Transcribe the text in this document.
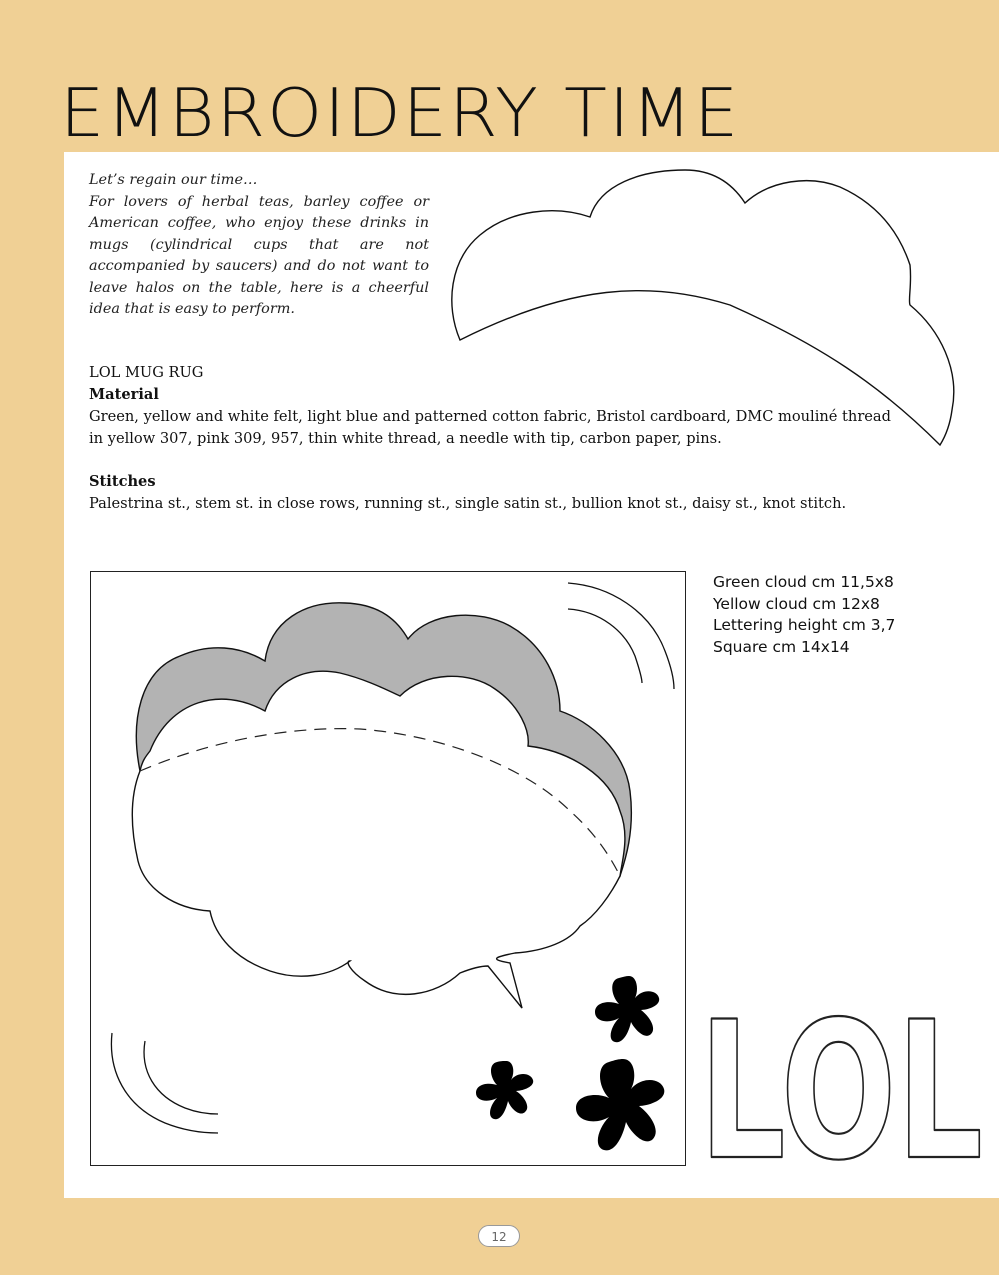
EMBROIDERY TIME

Let’s regain our time…

For lovers of herbal teas, barley coffee or American coffee, who enjoy these drinks in mugs (cylindrical cups that are not accompanied by saucers) and do not want to leave halos on the table, here is a cheerful idea that is easy to perform.

LOL MUG RUG
Material
Green, yellow and white felt, light blue and patterned cotton fabric, Bristol cardboard, DMC mouliné thread
in yellow 307, pink 309, 957, thin white thread, a needle with tip, carbon paper, pins.
Stitches
Palestrina st., stem st. in close rows, running st., single satin st., bullion knot st., daisy st., knot stitch.
Green cloud cm 11,5x8
Yellow cloud cm 12x8
Lettering height cm 3,7
Square cm 14x14
LOL
12
